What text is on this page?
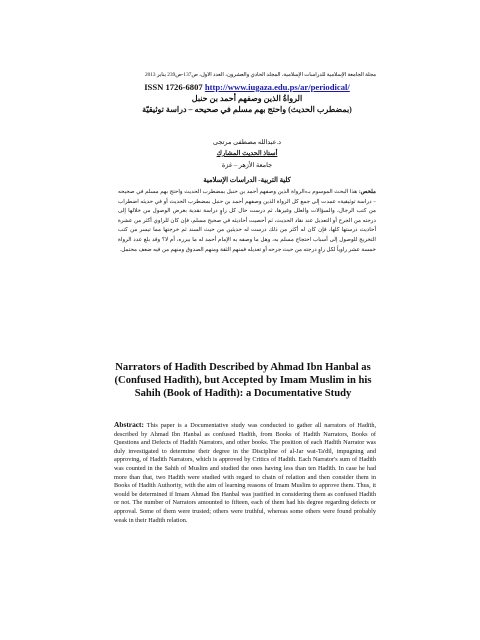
مجلة الجامعة الإسلامية للدراسات الإسلامية، المجلد الحادي والعشرون، العدد الأول، ص137-ص239 يناير 2013
ISSN 1726-6807 http://www.iugaza.edu.ps/ar/periodical/
الرواةُ الذين وصفهم أحمد بن حنبل
(بمضطرب الحديث) واحتج بهم مسلم في صحيحه – دراسة توثيقيّة
د.عبدالله مصطفى مرتجى
أستاذ الحديث المشارك
جامعة الأزهر – غزة
كلية التربية- الدراسات الإسلامية
ملخص: هذا البحث الموسوم بـ«الرواة الذين وصفهم أحمد بن حنبل بمضطرب الحديث واحتج بهم مسلم في صحيحه – دراسة توثيقية» عمدت إلى جمع كل الرواة الذين وصفهم أحمد بن حنبل بمضطرب الحديث أو في حديثه اضطراب من كتب الرجال، والسؤالات والعلل وغيرها، ثم درست حال كل راوٍ دراسة نقدية بغرض الوصول من خلالها إلى درجته من الجرح أو التعديل عند نقاد الحديث، ثم أحصيت أحاديثه في صحيح مسلم، فإن كان للراوي أكثر من عشرة أحاديث درستها كلها، فإن كان له أكثر من ذلك درست له حديثين من حيث السند ثم خرجتها مما تيسر من كتب التخريج للوصول إلى أسباب احتجاج مسلم به، وهل ما وصفه به الإمام أحمد له ما يبرره، أم لا؟ وقد بلغ عدد الرواة خمسة عشر راوياً لكل راوٍ درجته من حيث جرحه أو تعديله فمنهم الثقة ومنهم الصدوق ومنهم من فيه ضعف محتمل.
Narrators of Hadīth Described by Ahmad Ibn Hanbal as (Confused Hadīth), but Accepted by Imam Muslim in his Sahih (Book of Hadīth): a Documentative Study
Abstract: This paper is a Documentative study was conducted to gather all narrators of Hadīth, described by Ahmad Ibn Hanbal as confused Hadīth, from Books of Hadīth Narrators, Books of Questions and Defects of Hadīth Narrators, and other books. The position of each Hadīth Narrator was duly investigated to determine their degree in the Discipline of al-Jar wat-Ta'dīl, impugning and approving, of Hadīth Narrators, which is approved by Critics of Hadīth. Each Narrator's sum of Hadīth was counted in the Sahih of Muslim and studied the ones having less than ten Hadīth. In case he had more than that, two Hadīth were studied with regard to chain of relation and then consider them in Books of Hadīth Authority, with the aim of learning reasons of Imam Muslim to approve them. Thus, it would be determined if Imam Ahmad Ibn Hanbal was justified in considering them as confused Hadīth or not. The number of Narrators amounted to fifteen, each of them had his degree regarding defects or approval. Some of them were trusted; others were truthful, whereas some others were found probably weak in their Hadīth relation.
